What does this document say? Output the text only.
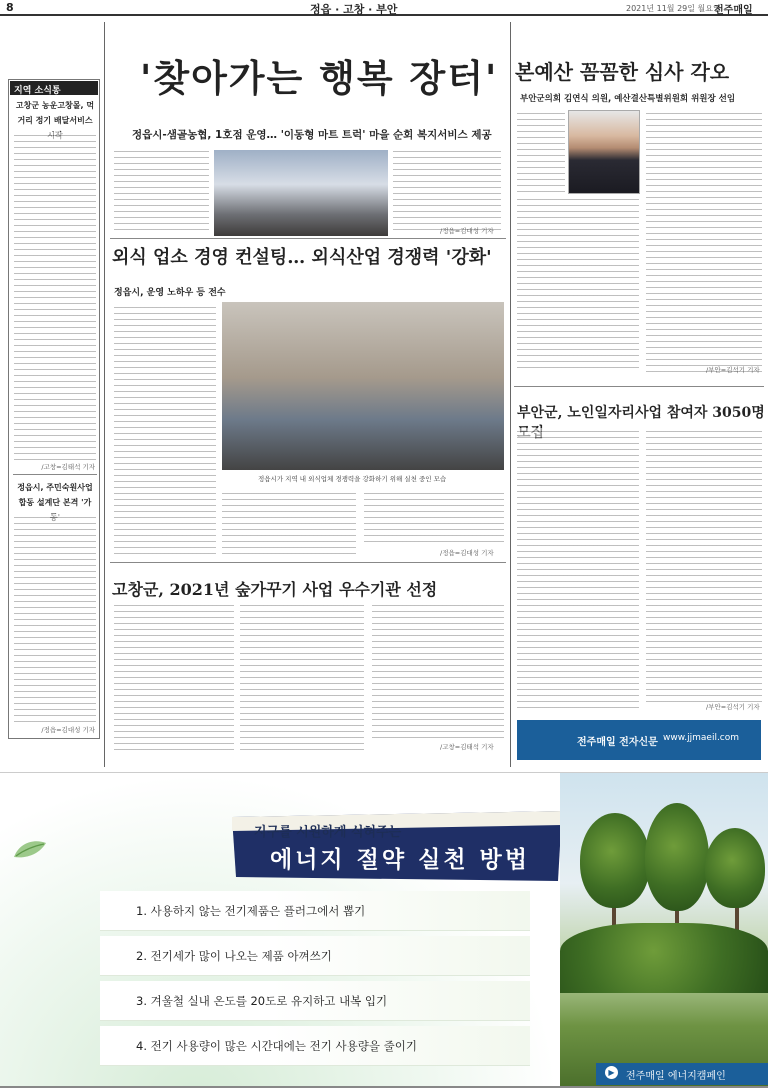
8	정읍 · 고창 · 부안	2021년 11월 29일 월요일
전주매일
지역 소식통
고창군 농운고창몰, 먹거리 정기 배달서비스
/고창=김태석 기자
정읍시, 주민숙원사업 합동 설계단 본격 '가
/정읍=김대성 기자
'찾아가는 행복 장터'
정읍시-샘골농협, 1호점 운영… '이동형 마트 트럭' 마을 순회 복지서비스 제공
/정읍=김대성 기자
외식 업소 경영 컨설팅… 외식산업 경쟁력 '강화'
정읍시, 운영 노하우 등 전수
정읍시가 지역 내 외식업체 경쟁력을 강화하기 위해 실천 중인 모습
/정읍=김대성 기자
고창군, 2021년 숲가꾸기 사업 우수기관 선정
/고창=김태석 기자
본예산 꼼꼼한 심사 각오
부안군의회 김연식 의원, 예산결산특별위원회 위원장 선임
/부안=김석기 기자
부안군, 노인일자리사업 참여자 3050명
/부안=김석기 기자
전주매일 전자신문 www.jjmaeil.com
지구를 시원하게 식혀주는
에너지 절약 실천 방법
1. 사용하지 않는 전기제품은 플러그에서 뽑기
2. 전기세가 많이 나오는 제품 아껴쓰기
3. 겨울철 실내 온도를 20도로 유지하고 내복 입기
4. 전기 사용량이 많은 시간대에는 전기 사용량을 줄이기
▶	전주매일 에너지캠페인
